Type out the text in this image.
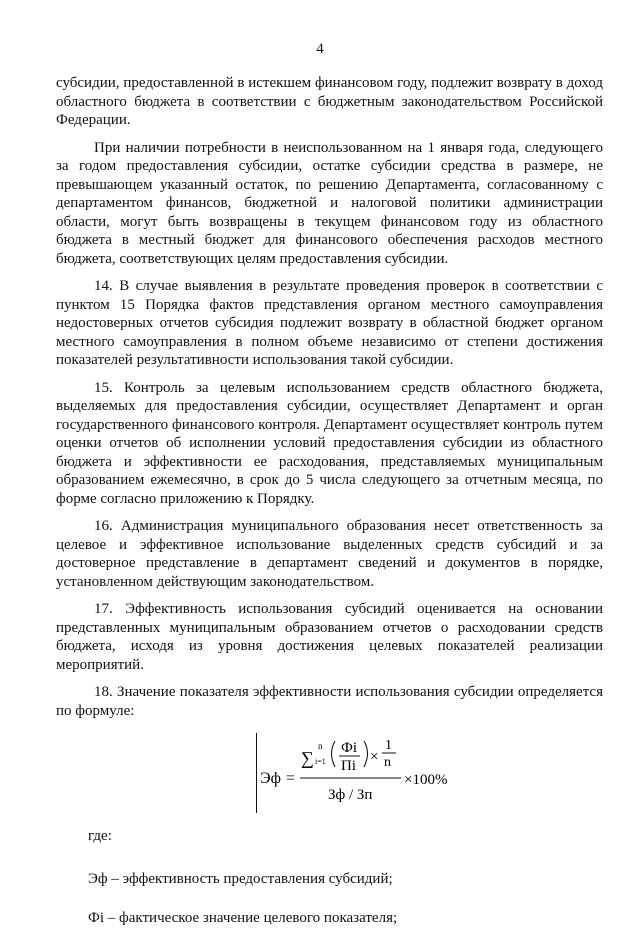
4

субсидии, предоставленной в истекшем финансовом году, подлежит возврату в доход областного бюджета в соответствии с бюджетным законодательством Российской Федерации.

При наличии потребности в неиспользованном на 1 января года, следующего за годом предоставления субсидии, остатке субсидии средства в размере, не превышающем указанный остаток, по решению Департамента, согласованному с департаментом финансов, бюджетной и налоговой политики администрации области, могут быть возвращены в текущем финансовом году из областного бюджета в местный бюджет для финансового обеспечения расходов местного бюджета, соответствующих целям предоставления субсидии.

14. В случае выявления в результате проведения проверок в соответствии с пунктом 15 Порядка фактов представления органом местного самоуправления недостоверных отчетов субсидия подлежит возврату в областной бюджет органом местного самоуправления в полном объеме независимо от степени достижения показателей результативности использования такой субсидии.

15. Контроль за целевым использованием средств областного бюджета, выделяемых для предоставления субсидии, осуществляет Департамент и орган государственного финансового контроля. Департамент осуществляет контроль путем оценки отчетов об исполнении условий предоставления субсидии из областного бюджета и эффективности ее расходования, представляемых муниципальным образованием ежемесячно, в срок до 5 числа следующего за отчетным месяца, по форме согласно приложению к Порядку.

16. Администрация муниципального образования несет ответственность за целевое и эффективное использование выделенных средств субсидий и за достоверное представление в департамент сведений и документов в порядке, установленном действующим законодательством.

17. Эффективность использования субсидий оценивается на основании представленных муниципальным образованием отчетов о расходовании средств бюджета, исходя из уровня достижения целевых показателей реализации мероприятий.

18. Значение показателя эффективности использования субсидии определяется по формуле:

Эф =
∑
n
i=1
Фi
Пi
×
1
n
Зф / Зп
×100%

где:

Эф – эффективность предоставления субсидий;

Фi – фактическое значение целевого показателя;
